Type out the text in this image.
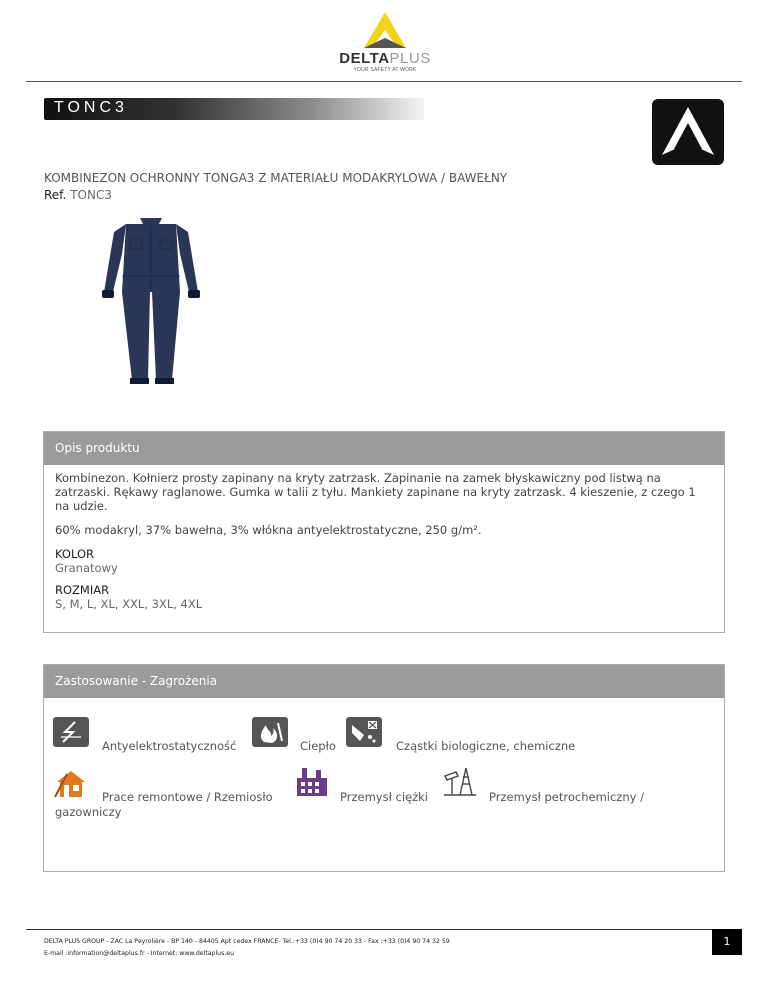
DELTAPLUS
YOUR SAFETY AT WORK
TONC3
KOMBINEZON OCHRONNY TONGA3 Z MATERIAŁU MODAKRYLOWA / BAWEŁNY
Ref. TONC3
Opis produktu

Kombinezon. Kołnierz prosty zapinany na kryty zatrzask. Zapinanie na zamek błyskawiczny pod listwą na zatrzaski. Rękawy raglanowe. Gumka w talii z tyłu. Mankiety zapinane na kryty zatrzask. 4 kieszenie, z czego 1 na udzie.

60% modakryl, 37% bawełna, 3% włókna antyelektrostatyczne, 250 g/m².

KOLOR
Granatowy
ROZMIAR
S, M, L, XL, XXL, 3XL, 4XL
Zastosowanie - Zagrożenia
Antyelektrostatyczność	Ciepło	Cząstki biologiczne, chemiczne
Prace remontowe / Rzemiosło	Przemysł ciężki	Przemysł petrochemiczny / gazowniczy
DELTA PLUS GROUP - ZAC La Peyrolière - BP 140 - 84405 Apt cedex FRANCE- Tel.:+33 (0)4 90 74 20 33 - Fax :+33 (0)4 90 74 32 59
E-mail :information@deltaplus.fr - Internet: www.deltaplus.eu
1
